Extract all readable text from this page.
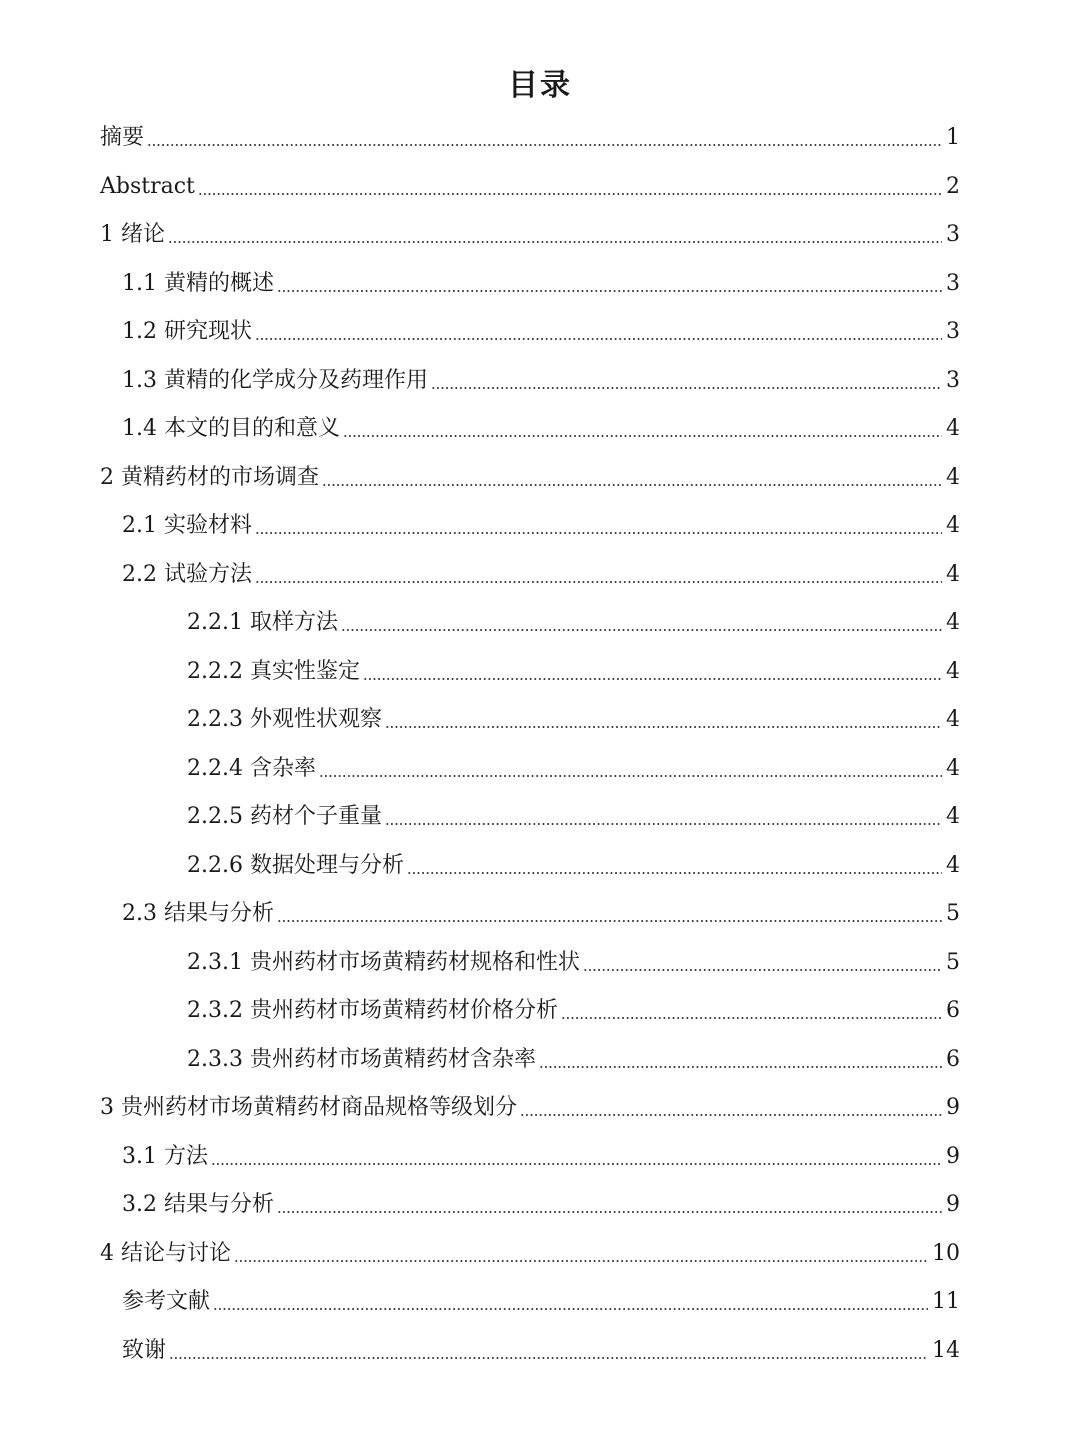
目录
摘要	1
Abstract	2
1 绪论	3
1.1 黄精的概述	3
1.2 研究现状	3
1.3 黄精的化学成分及药理作用	3
1.4 本文的目的和意义	4
2 黄精药材的市场调查	4
2.1 实验材料	4
2.2 试验方法	4
2.2.1 取样方法	4
2.2.2 真实性鉴定	4
2.2.3 外观性状观察	4
2.2.4 含杂率	4
2.2.5 药材个子重量	4
2.2.6 数据处理与分析	4
2.3 结果与分析	5
2.3.1 贵州药材市场黄精药材规格和性状	5
2.3.2 贵州药材市场黄精药材价格分析	6
2.3.3 贵州药材市场黄精药材含杂率	6
3 贵州药材市场黄精药材商品规格等级划分	9
3.1 方法	9
3.2 结果与分析	9
4 结论与讨论	10
参考文献	11
致谢	14
